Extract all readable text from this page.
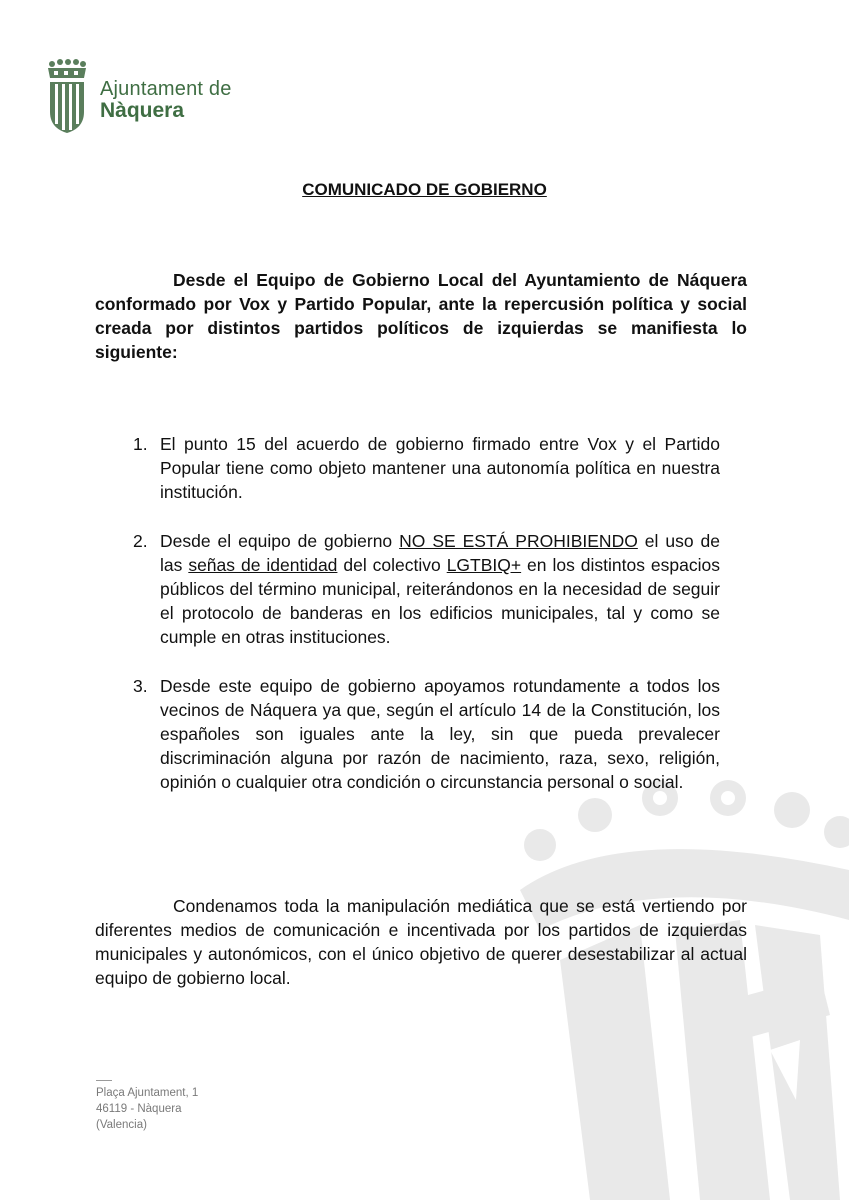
Ajuntament de
Nàquera
COMUNICADO DE GOBIERNO

Desde el Equipo de Gobierno Local del Ayuntamiento de Náquera conformado por Vox y Partido Popular, ante la repercusión política y social creada por distintos partidos políticos de izquierdas se manifiesta lo siguiente:

1. El punto 15 del acuerdo de gobierno firmado entre Vox y el Partido Popular tiene como objeto mantener una autonomía política en nuestra institución.
2. Desde el equipo de gobierno NO SE ESTÁ PROHIBIENDO el uso de las señas de identidad del colectivo LGTBIQ+ en los distintos espacios públicos del término municipal, reiterándonos en la necesidad de seguir el protocolo de banderas en los edificios municipales, tal y como se cumple en otras instituciones.
3. Desde este equipo de gobierno apoyamos rotundamente a todos los vecinos de Náquera ya que, según el artículo 14 de la Constitución, los españoles son iguales ante la ley, sin que pueda prevalecer discriminación alguna por razón de nacimiento, raza, sexo, religión, opinión o cualquier otra condición o circunstancia personal o social.

Condenamos toda la manipulación mediática que se está vertiendo por diferentes medios de comunicación e incentivada por los partidos de izquierdas municipales y autonómicos, con el único objetivo de querer desestabilizar al actual equipo de gobierno local.

Plaça Ajuntament, 1
46119 - Nàquera
(Valencia)
